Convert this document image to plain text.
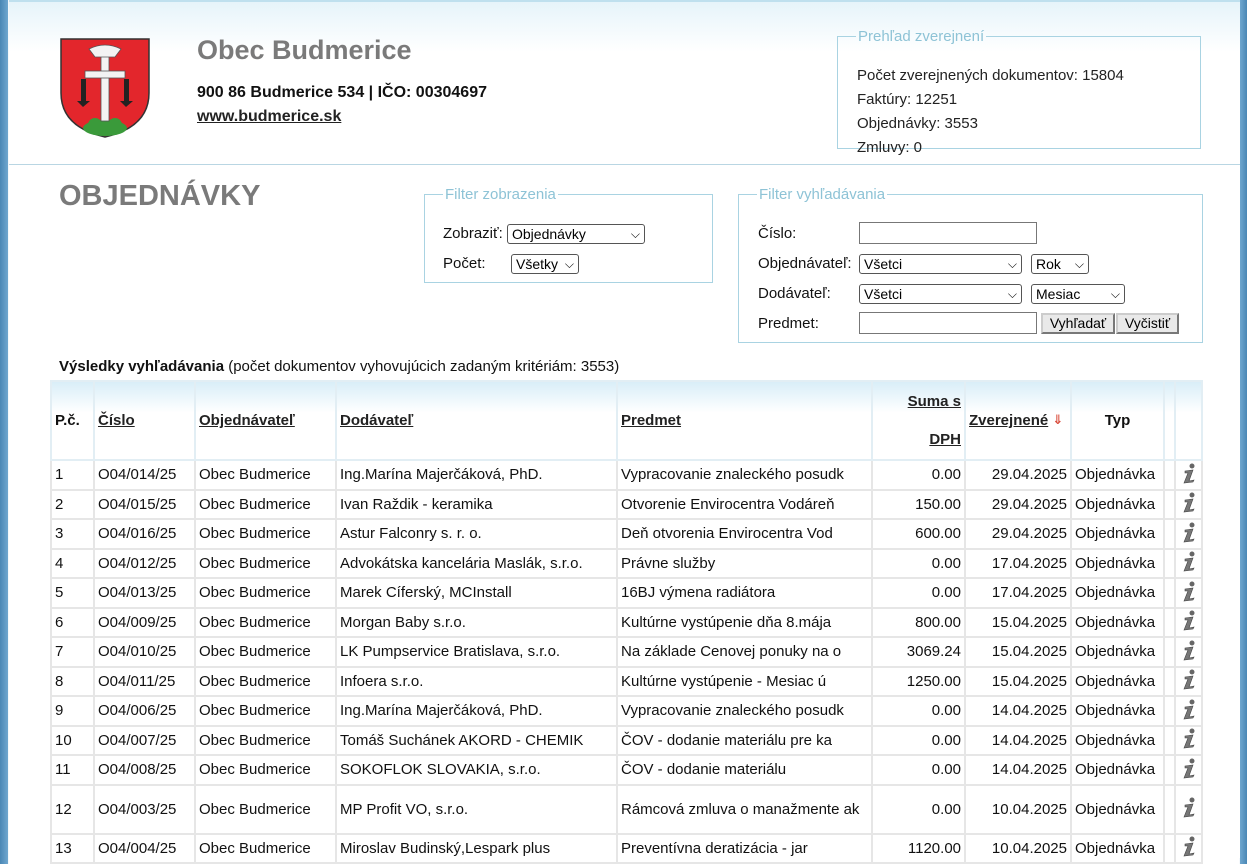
Obec Budmerice
900 86 Budmerice 534 | IČO: 00304697
www.budmerice.sk
Prehľad zverejnení
Počet zverejnených dokumentov: 15804
Faktúry: 12251
Objednávky: 3553
Zmluvy: 0
OBJEDNÁVKY	Filter zobrazenia
Zobraziť: Objednávky	⌵
Počet:	Všetky ⌵
Filter vyhľadávania
Číslo:
Objednávateľ: Všetci	⌵	Rok ⌵
Dodávateľ:	Všetci	⌵	Mesiac	⌵
Predmet:	Vyhľadať	Vyčistiť
Výsledky vyhľadávania (počet dokumentov vyhovujúcich zadaným kritériám: 3553)
P.č.	Číslo	Objednávateľ	Dodávateľ	Predmet	Suma s
DPH	Zverejnené ⇓	Typ		
1	O04/014/25	Obec Budmerice	Ing.Marína Majerčáková, PhD.	Vypracovanie znaleckého posudk	0.00	29.04.2025	Objednávka		
2	O04/015/25	Obec Budmerice	Ivan Raždik - keramika	Otvorenie Envirocentra Vodáreň	150.00	29.04.2025	Objednávka		
3	O04/016/25	Obec Budmerice	Astur Falconry s. r. o.	Deň otvorenia Envirocentra Vod	600.00	29.04.2025	Objednávka		
4	O04/012/25	Obec Budmerice	Advokátska kancelária Maslák, s.r.o.	Právne služby	0.00	17.04.2025	Objednávka		
5	O04/013/25	Obec Budmerice	Marek Cíferský, MCInstall	16BJ výmena radiátora	0.00	17.04.2025	Objednávka		
6	O04/009/25	Obec Budmerice	Morgan Baby s.r.o.	Kultúrne vystúpenie dňa 8.mája	800.00	15.04.2025	Objednávka		
7	O04/010/25	Obec Budmerice	LK Pumpservice Bratislava, s.r.o.	Na základe Cenovej ponuky na o	3069.24	15.04.2025	Objednávka		
8	O04/011/25	Obec Budmerice	Infoera s.r.o.	Kultúrne vystúpenie - Mesiac ú	1250.00	15.04.2025	Objednávka		
9	O04/006/25	Obec Budmerice	Ing.Marína Majerčáková, PhD.	Vypracovanie znaleckého posudk	0.00	14.04.2025	Objednávka		
10	O04/007/25	Obec Budmerice	Tomáš Suchánek AKORD - CHEMIK	ČOV - dodanie materiálu pre ka	0.00	14.04.2025	Objednávka		
11	O04/008/25	Obec Budmerice	SOKOFLOK SLOVAKIA, s.r.o.	ČOV - dodanie materiálu	0.00	14.04.2025	Objednávka		
12	O04/003/25	Obec Budmerice	MP Profit VO, s.r.o.	Rámcová zmluva o manažmente ak	0.00	10.04.2025	Objednávka		
13	O04/004/25	Obec Budmerice	Miroslav Budinský,Lespark plus	Preventívna deratizácia - jar	1120.00	10.04.2025	Objednávka		
